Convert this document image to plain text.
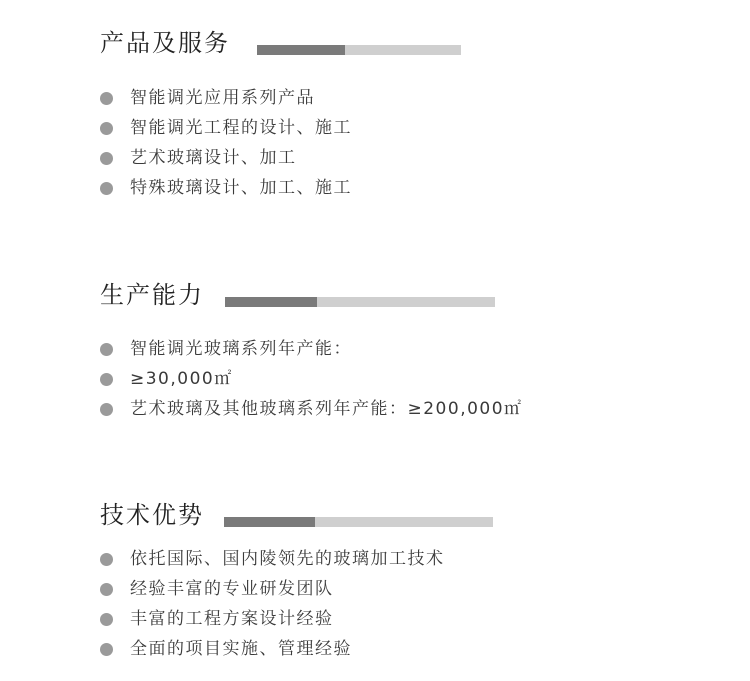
产品及服务
智能调光应用系列产品
智能调光工程的设计、施工
艺术玻璃设计、加工
特殊玻璃设计、加工、施工
生产能力
智能调光玻璃系列年产能：
≥30,000㎡
艺术玻璃及其他玻璃系列年产能：≥200,000㎡
技术优势
依托国际、国内陵领先的玻璃加工技术
经验丰富的专业研发团队
丰富的工程方案设计经验
全面的项目实施、管理经验
